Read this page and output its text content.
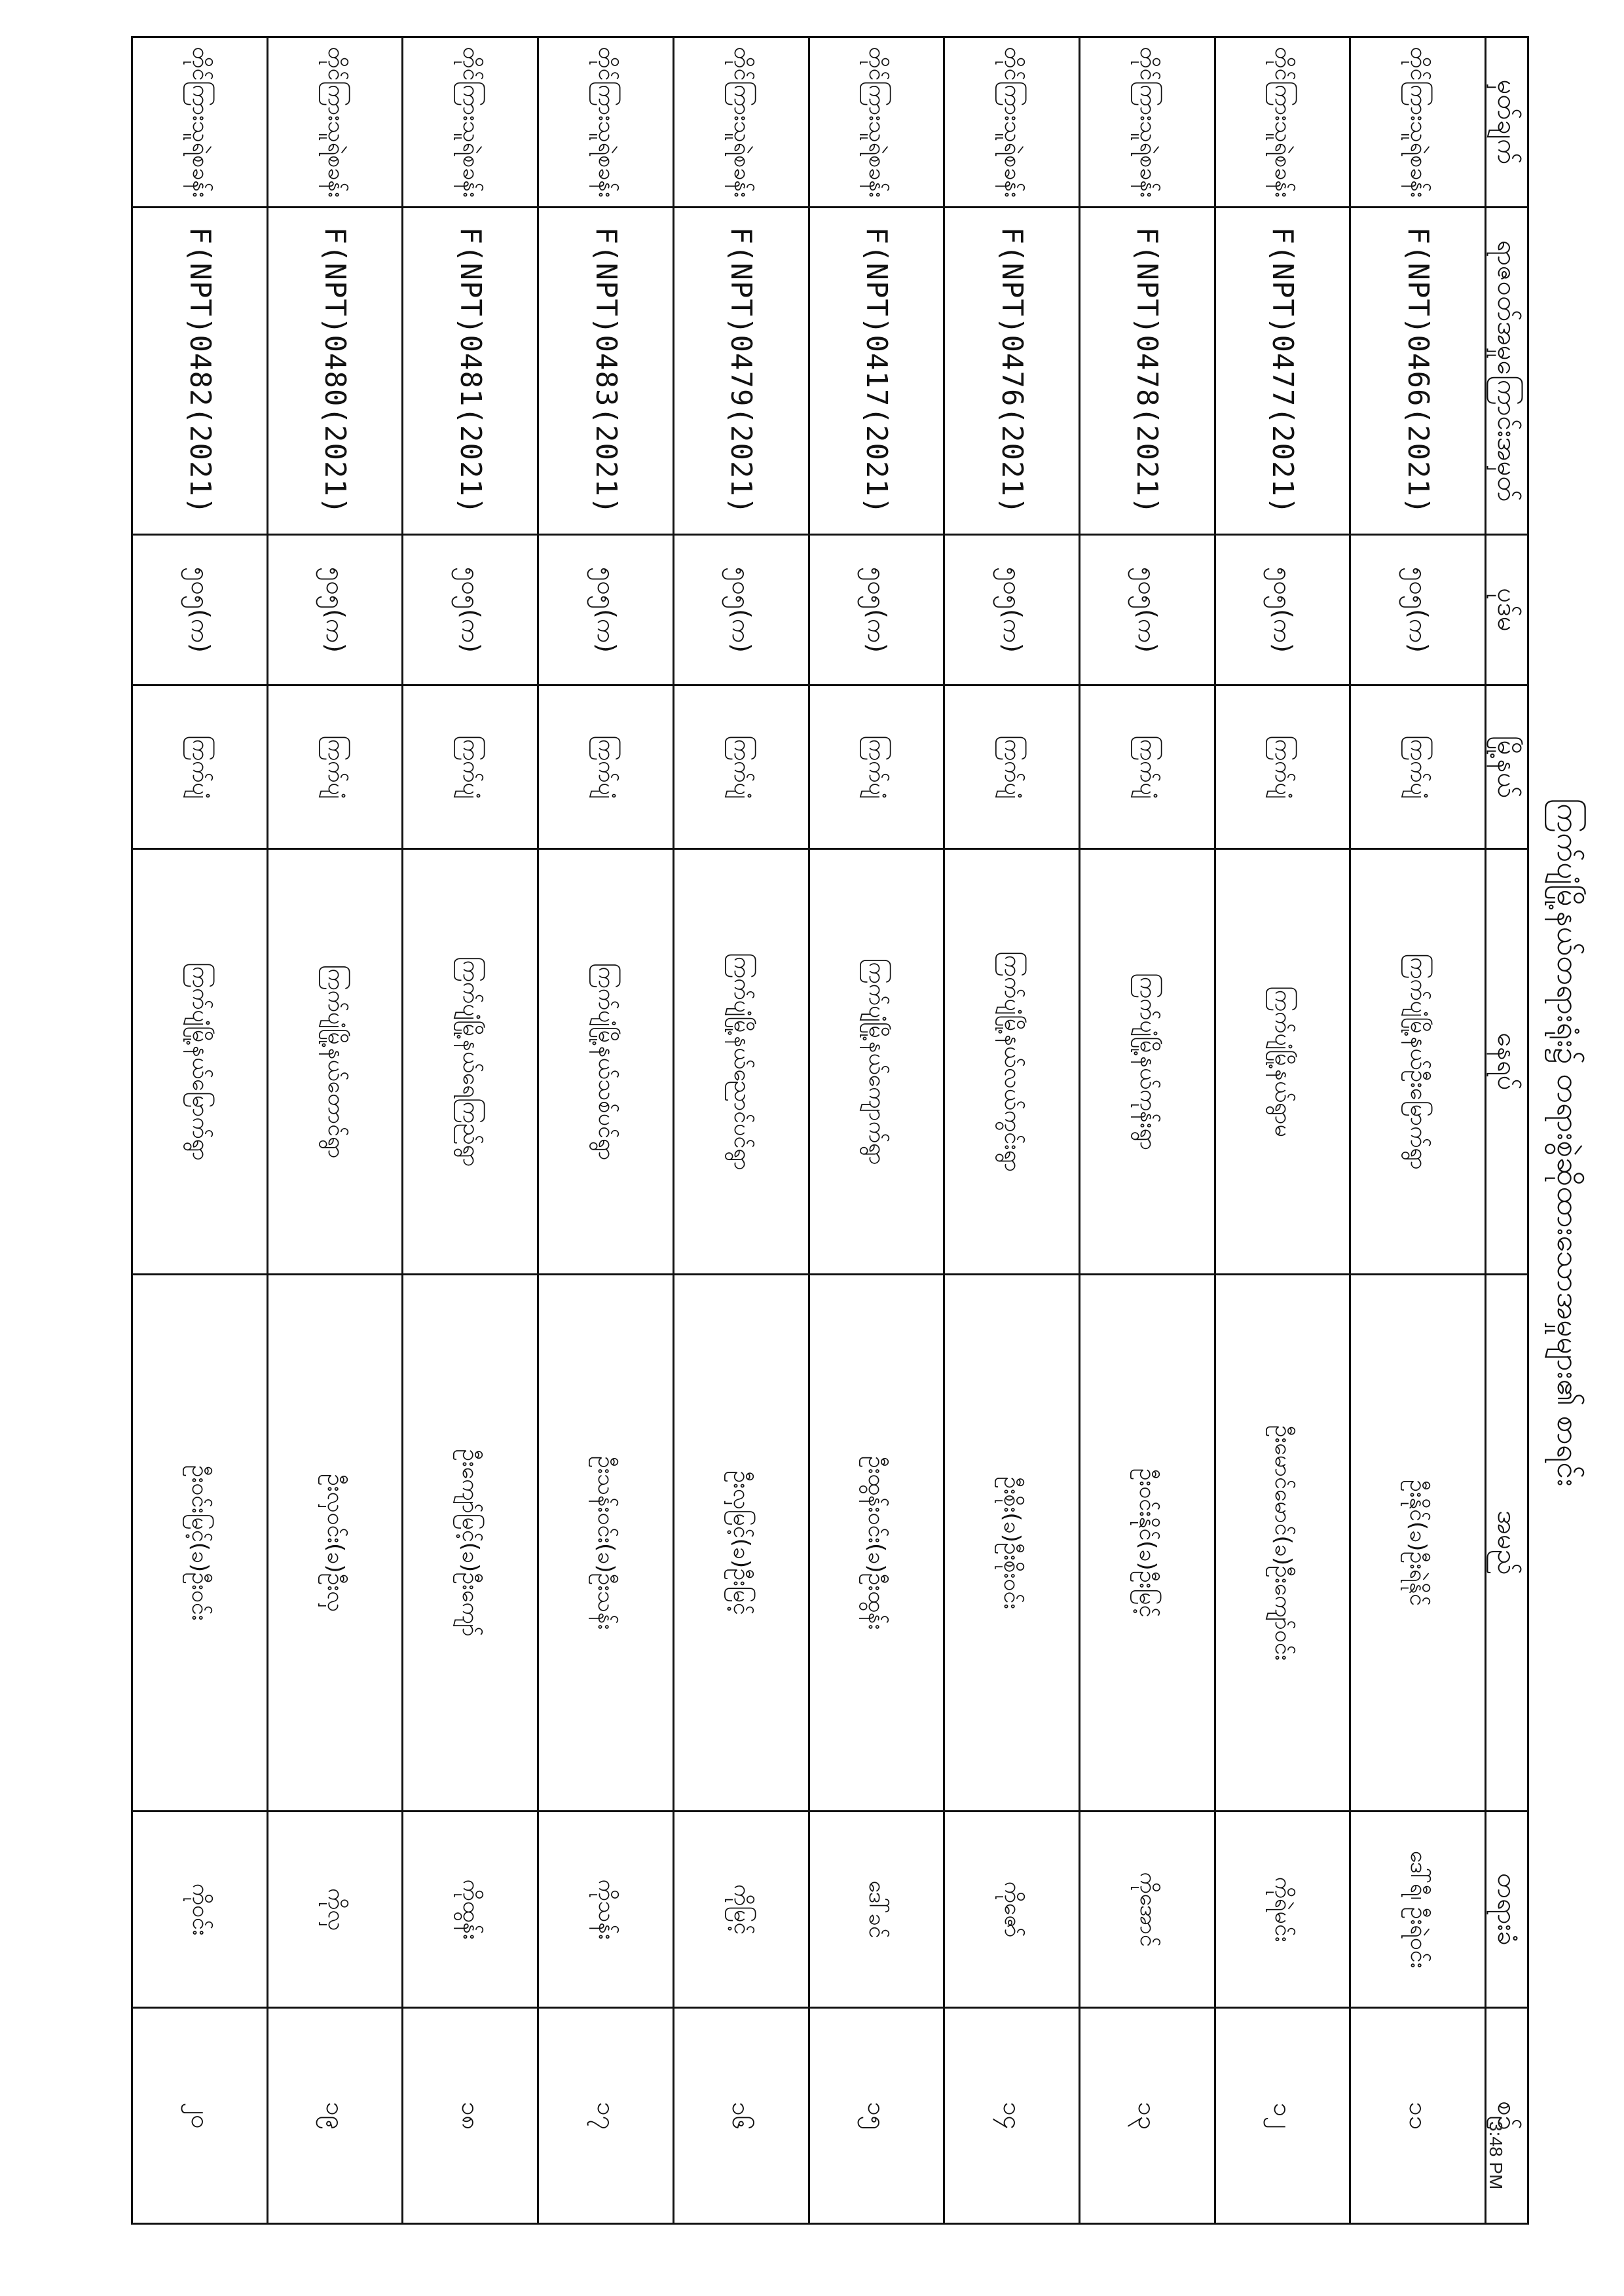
ကြက်ပျံမြို့နယ်တရားရုံး၌ တရားစွဲဆိုထားသောအမှုများ၏ စာရင်း
မှတ်ချက်	ရာဇဝတ်အမှုကြောင်းအမှတ်	ပုဒ်မ	မြို့နယ်	နေရပ်	အမည်	တရားခံ	စဉ်
တိုင်ကြားသူရဲစခန်း	F(NPT)0466(2021)	၅၀၅(က)	ကြက်ပျံ	ကြက်ပျံမြို့နယ်ဦးမြောက်ရွာ	ဦးနိုင်(ခ)ဦးရဲနိုင်	ဒေါ်ရီ၊ ဦးရဲဝင်း	၁၁
တိုင်ကြားသူရဲစခန်း	F(NPT)0477(2021)	၅၀၅(က)	ကြက်ပျံ	ကြက်ပျံမြို့နယ်ရွာမ	ဦးမောင်မောင်(ခ)ဦးကျော်ဝင်း	ကိုရဲမင်း	၁၂
တိုင်ကြားသူရဲစခန်း	F(NPT)0478(2021)	၅၀၅(က)	ကြက်ပျံ	ကြက်ပျံမြို့နယ်ကုန်းရွာ	ဦးဝင်းနိုင်(ခ)ဦးမြင့်	ကိုအောင်	၁၃
တိုင်ကြားသူရဲစခန်း	F(NPT)0476(2021)	၅၀၅(က)	ကြက်ပျံ	ကြက်ပျံမြို့နယ်လယ်ကွင်းရွာ	ဦးစိုး(ခ)ဦးစိုးဝင်း	ကိုဇော်	၁၄
တိုင်ကြားသူရဲစခန်း	F(NPT)0417(2021)	၅၀၅(က)	ကြက်ပျံ	ကြက်ပျံမြို့နယ်ကျောက်ရွာ	ဦးထွန်းဝင်း(ခ)ဦးထွန်း	ဒေါ်ခင်	၁၅
တိုင်ကြားသူရဲစခန်း	F(NPT)0479(2021)	၅၀၅(က)	ကြက်ပျံ	ကြက်ပျံမြို့နယ်ညောင်ပင်ရွာ	ဦးလှမြင့်(ခ)ဦးမြင့်	ကိုမြင့်	၁၆
တိုင်ကြားသူရဲစခန်း	F(NPT)0483(2021)	၅၀၅(က)	ကြက်ပျံ	ကြက်ပျံမြို့နယ်သစ်ပင်ရွာ	ဦးသန်းဝင်း(ခ)ဦးသန်း	ကိုသန်း	၁၇
တိုင်ကြားသူရဲစခန်း	F(NPT)0481(2021)	၅၀၅(က)	ကြက်ပျံ	ကြက်ပျံမြို့နယ်ရေကြည်ရွာ	ဦးကျော်မြင့်(ခ)ဦးကျော်	ကိုထွန်း	၁၈
တိုင်ကြားသူရဲစခန်း	F(NPT)0480(2021)	၅၀၅(က)	ကြက်ပျံ	ကြက်ပျံမြို့နယ်တောင်ရွာ	ဦးလှဝင်း(ခ)ဦးလှ	ကိုလှ	၁၉
တိုင်ကြားသူရဲစခန်း	F(NPT)0482(2021)	၅၀၅(က)	ကြက်ပျံ	ကြက်ပျံမြို့နယ်မြောက်ရွာ	ဦးဝင်းမြင့်(ခ)ဦးဝင်း	ကိုဝင်း	၂၀
3:48 PM
